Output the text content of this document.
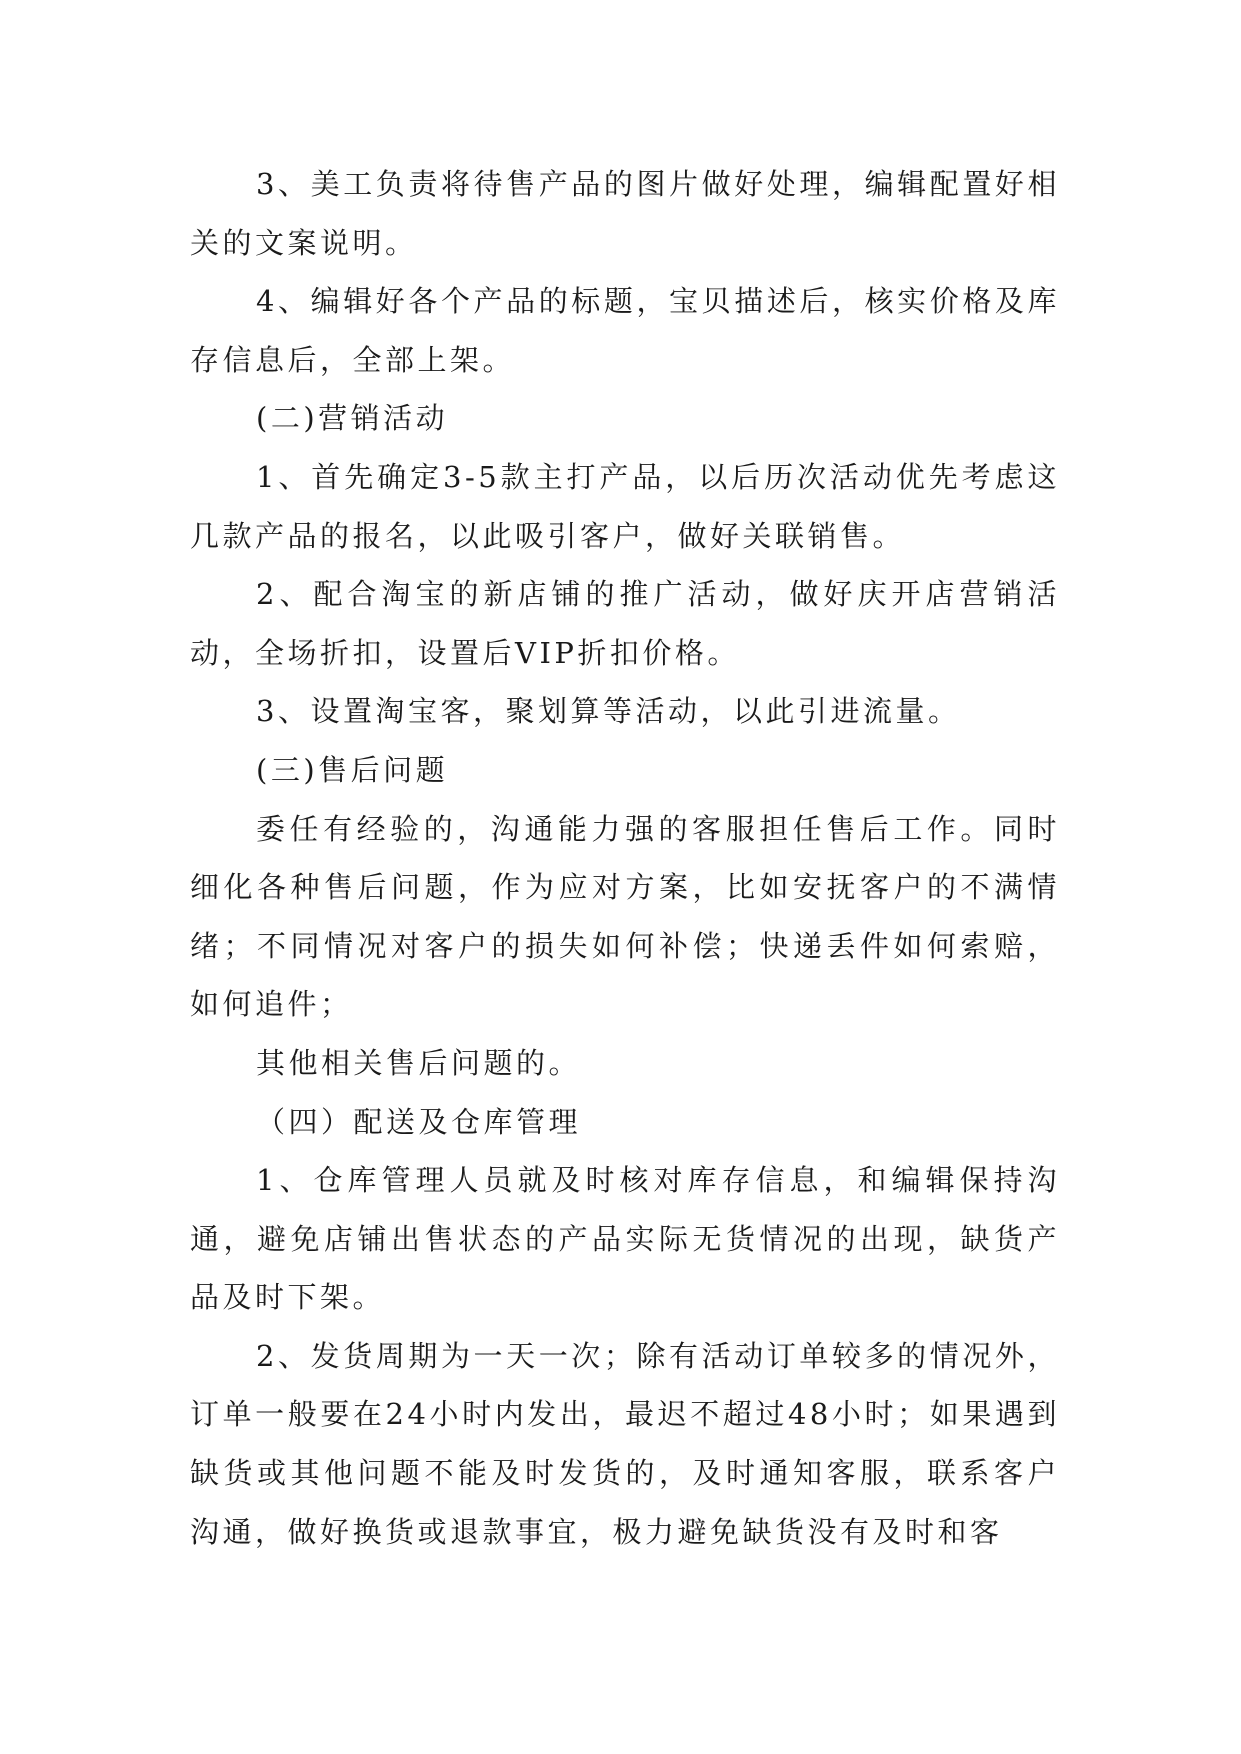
3、美工负责将待售产品的图片做好处理，编辑配置好相关的文案说明。

4、编辑好各个产品的标题，宝贝描述后，核实价格及库存信息后，全部上架。

(二)营销活动

1、首先确定3-5款主打产品，以后历次活动优先考虑这几款产品的报名，以此吸引客户，做好关联销售。

2、配合淘宝的新店铺的推广活动，做好庆开店营销活动，全场折扣，设置后VIP折扣价格。

3、设置淘宝客，聚划算等活动，以此引进流量。

(三)售后问题

委任有经验的，沟通能力强的客服担任售后工作。同时细化各种售后问题，作为应对方案，比如安抚客户的不满情绪；不同情况对客户的损失如何补偿；快递丢件如何索赔，如何追件；

其他相关售后问题的。

（四）配送及仓库管理

1、仓库管理人员就及时核对库存信息，和编辑保持沟通，避免店铺出售状态的产品实际无货情况的出现，缺货产品及时下架。

2、发货周期为一天一次；除有活动订单较多的情况外，订单一般要在24小时内发出，最迟不超过48小时；如果遇到缺货或其他问题不能及时发货的，及时通知客服，联系客户沟通，做好换货或退款事宜，极力避免缺货没有及时和客
